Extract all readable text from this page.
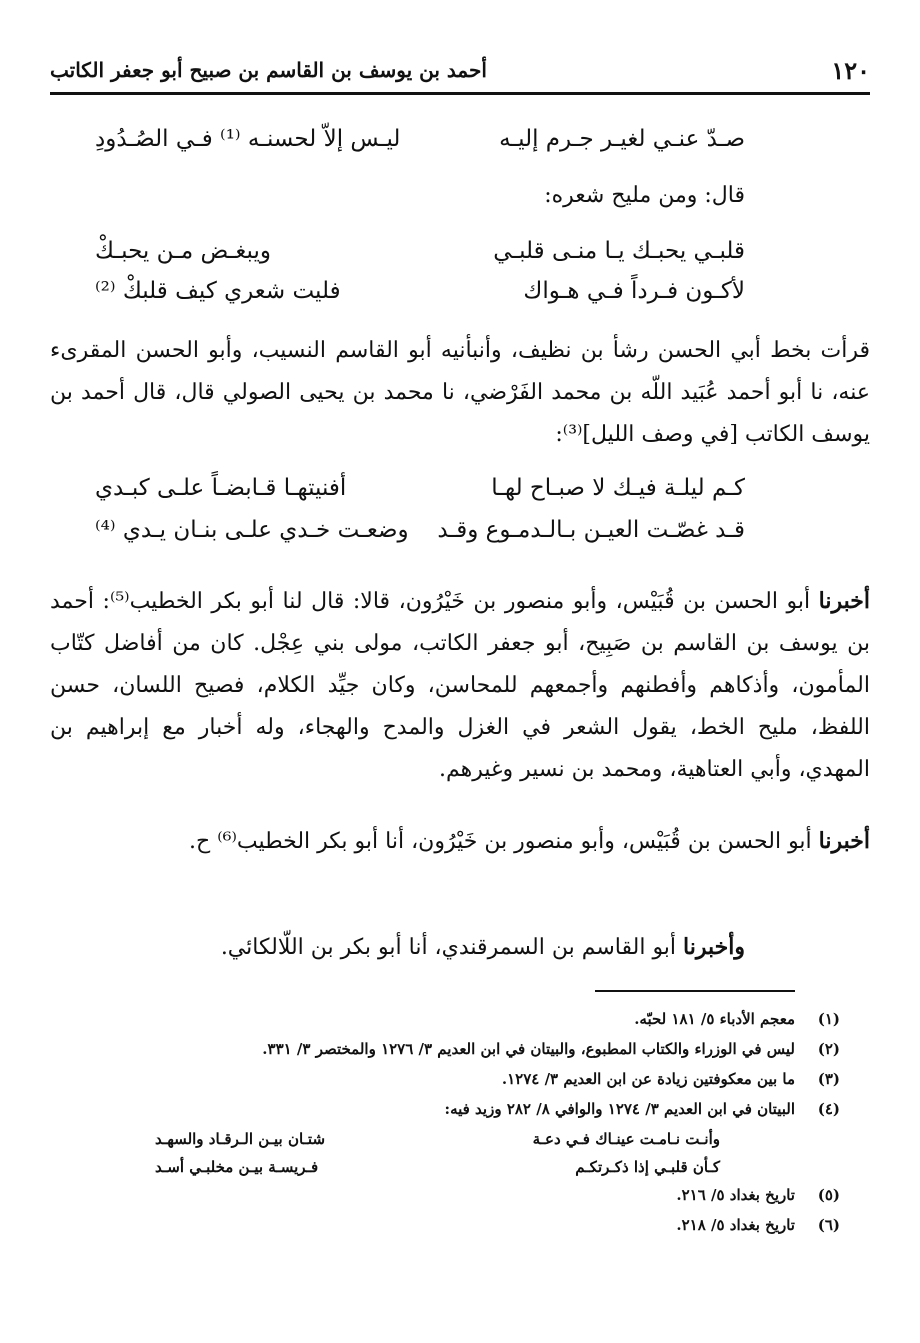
١٢٠
أحمد بن يوسف بن القاسم بن صبيح أبو جعفر الكاتب
صـدّ عنـي لغيـر جـرم إليـه
ليـس إلاّ لحسنـه ⁽¹⁾ فـي الصُـدُودِ
قال: ومن مليح شعره:
قلبـي يحبـك يـا منـى قلبـي
ويبغـض مـن يحبـكْ
لأكـون فـرداً فـي هـواك
فليت شعري كيف قلبكْ ⁽²⁾

قرأت بخط أبي الحسن رشأ بن نظيف، وأنبأنيه أبو القاسم النسيب، وأبو الحسن المقرىء عنه، نا أبو أحمد عُبَيد اللّه بن محمد الفَرْضي، نا محمد بن يحيى الصولي قال، قال أحمد بن يوسف الكاتب [في وصف الليل]⁽³⁾:

كـم ليلـة فيـك لا صبـاح لهـا
أفنيتهـا قـابضـاً علـى كبـدي
قـد غصّـت العيـن بـالـدمـوع وقـد
وضعـت خـدي علـى بنـان يـدي ⁽⁴⁾

أخبرنا أبو الحسن بن قُبَيْس، وأبو منصور بن خَيْرُون، قالا: قال لنا أبو بكر الخطيب⁽⁵⁾: أحمد بن يوسف بن القاسم بن صَبِيح، أبو جعفر الكاتب، مولى بني عِجْل. كان من أفاضل كتّاب المأمون، وأذكاهم وأفطنهم وأجمعهم للمحاسن، وكان جيِّد الكلام، فصيح اللسان، حسن اللفظ، مليح الخط، يقول الشعر في الغزل والمدح والهجاء، وله أخبار مع إبراهيم بن المهدي، وأبي العتاهية، ومحمد بن نسير وغيرهم.

أخبرنا أبو الحسن بن قُبَيْس، وأبو منصور بن خَيْرُون، أنا أبو بكر الخطيب⁽⁶⁾ ح.

وأخبرنا أبو القاسم بن السمرقندي، أنا أبو بكر بن اللّالكائي.

(١)
معجم الأدباء ٥/ ١٨١ لحبّه.
(٢)
ليس في الوزراء والكتاب المطبوع، والبيتان في ابن العديم ٣/ ١٢٧٦ والمختصر ٣/ ٣٣١.
(٣)
ما بين معكوفتين زيادة عن ابن العديم ٣/ ١٢٧٤.
(٤)
البيتان في ابن العديم ٣/ ١٢٧٤ والوافي ٨/ ٢٨٢ وزيد فيه:
وأنـت نـامـت عينـاك فـي دعـة
شتـان بيـن الـرقـاد والسهـد
كـأن قلبـي إذا ذكـرتكـم
فـريسـة بيـن مخلبـي أسـد
(٥)
تاريخ بغداد ٥/ ٢١٦.
(٦)
تاريخ بغداد ٥/ ٢١٨.
